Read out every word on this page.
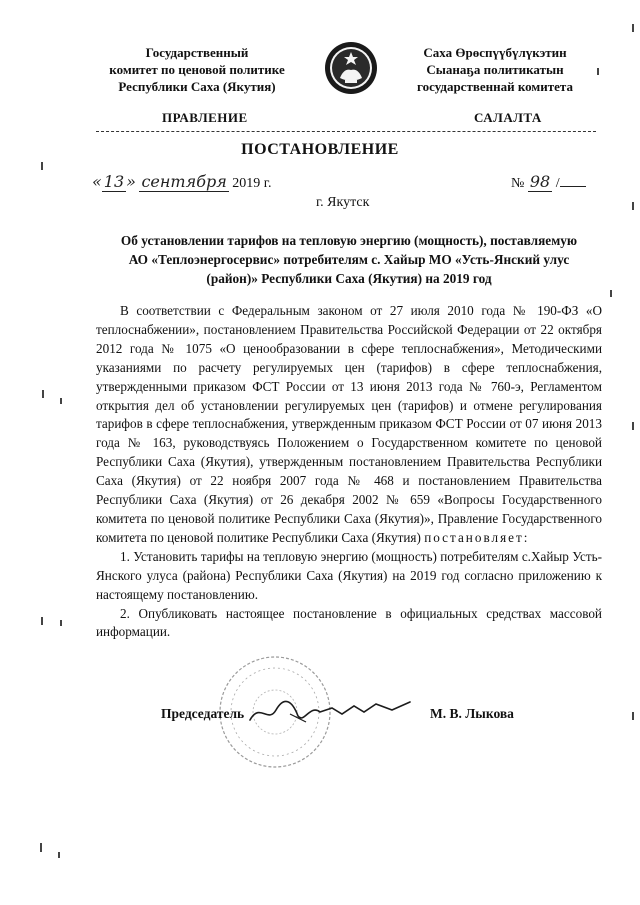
Государственный
комитет по ценовой политике
Республики Саха (Якутия)
Саха Өрөспүүбүлүкэтин
Сыанаҕа политикатын
государственнай комитета
ПРАВЛЕНИЕ	САЛАЛТА
ПОСТАНОВЛЕНИЕ
« 13 » сентября 2019 г.	№ 98 /
г. Якутск
Об установлении тарифов на тепловую энергию (мощность), поставляемую
АО «Теплоэнергосервис» потребителям с. Хайыр МО «Усть-Янский улус
(район)» Республики Саха (Якутия) на 2019 год

В соответствии с Федеральным законом от 27 июля 2010 года № 190-ФЗ «О теплоснабжении», постановлением Правительства Российской Федерации от 22 октября 2012 года № 1075 «О ценообразовании в сфере теплоснабжения», Методическими указаниями по расчету регулируемых цен (тарифов) в сфере теплоснабжения, утвержденными приказом ФСТ России от 13 июня 2013 года № 760-э, Регламентом открытия дел об установлении регулируемых цен (тарифов) и отмене регулирования тарифов в сфере теплоснабжения, утвержденным приказом ФСТ России от 07 июня 2013 года № 163, руководствуясь Положением о Государственном комитете по ценовой Республики Саха (Якутия), утвержденным постановлением Правительства Республики Саха (Якутия) от 22 ноября 2007 года № 468 и постановлением Правительства Республики Саха (Якутия) от 26 декабря 2002 № 659 «Вопросы Государственного комитета по ценовой политике Республики Саха (Якутия)», Правление Государственного комитета по ценовой политике Республики Саха (Якутия) постановляет:

1. Установить тарифы на тепловую энергию (мощность) потребителям с.Хайыр Усть-Янского улуса (района) Республики Саха (Якутия) на 2019 год согласно приложению к настоящему постановлению.

2. Опубликовать настоящее постановление в официальных средствах массовой информации.

Председатель	М. В. Лыкова
